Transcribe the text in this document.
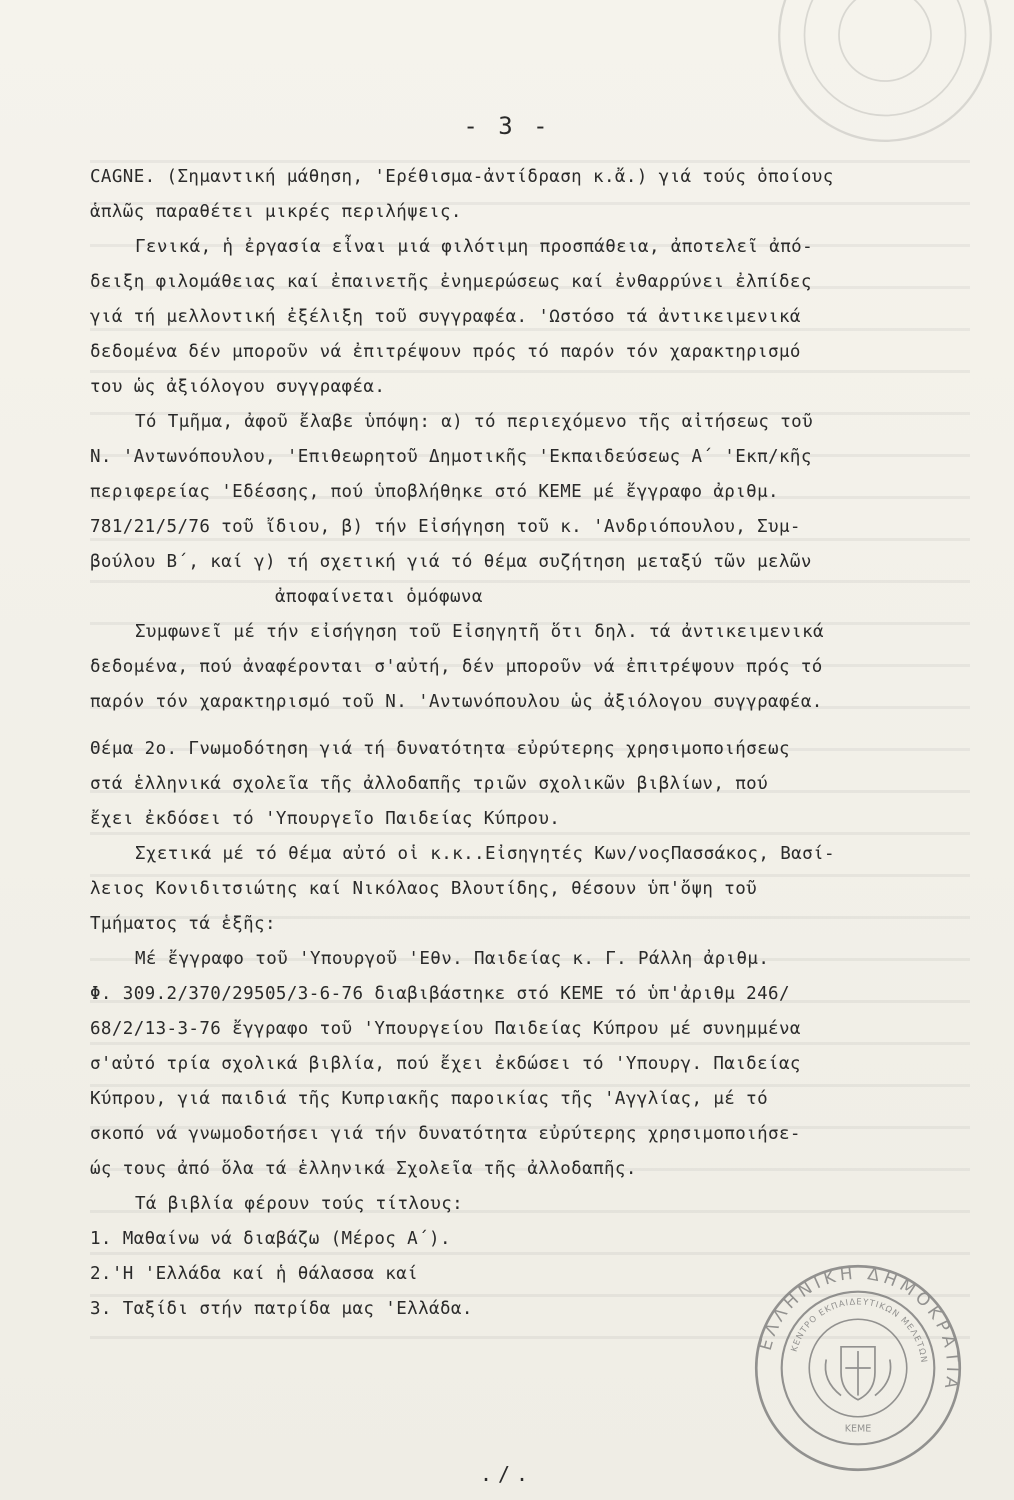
- 3 -
CAGNE. (Σημαντική μάθηση, 'Ερέθισμα-ἀντίδραση κ.ἄ.) γιά τούς ὁποίους
ἁπλῶς παραθέτει μικρές περιλήψεις.
Γενικά, ἡ ἐργασία εἶναι μιά φιλότιμη προσπάθεια, ἀποτελεῖ ἀπό-
δειξη φιλομάθειας καί ἐπαινετῆς ἐνημερώσεως καί ἐνθαρρύνει ἐλπίδες
γιά τή μελλοντική ἐξέλιξη τοῦ συγγραφέα. 'Ωστόσο τά ἀντικειμενικά
δεδομένα δέν μποροῦν νά ἐπιτρέψουν πρός τό παρόν τόν χαρακτηρισμό
του ὡς ἀξιόλογου συγγραφέα.
Τό Τμῆμα, ἀφοῦ ἔλαβε ὑπόψη: α) τό περιεχόμενο τῆς αἰτήσεως τοῦ
Ν. 'Αντωνόπουλου, 'Επιθεωρητοῦ Δημοτικῆς 'Εκπαιδεύσεως Α΄ 'Εκπ/κῆς
περιφερείας 'Εδέσσης, πού ὑποβλήθηκε στό ΚΕΜΕ μέ ἔγγραφο ἀριθμ.
781/21/5/76 τοῦ ἴδιου, β) τήν Εἰσήγηση τοῦ κ. 'Ανδριόπουλου, Συμ-
βούλου Β΄, καί γ) τή σχετική γιά τό θέμα συζήτηση μεταξύ τῶν μελῶν
ἀποφαίνεται ὁμόφωνα
Συμφωνεῖ μέ τήν εἰσήγηση τοῦ Εἰσηγητῆ ὅτι δηλ. τά ἀντικειμενικά
δεδομένα, πού ἀναφέρονται σ'αὐτή, δέν μποροῦν νά ἐπιτρέψουν πρός τό
παρόν τόν χαρακτηρισμό τοῦ Ν. 'Αντωνόπουλου ὡς ἀξιόλογου συγγραφέα.
Θέμα 2ο. Γνωμοδότηση γιά τή δυνατότητα εὐρύτερης χρησιμοποιήσεως
στά ἑλληνικά σχολεῖα τῆς ἀλλοδαπῆς τριῶν σχολικῶν βιβλίων, πού
ἔχει ἐκδόσει τό 'Υπουργεῖο Παιδείας Κύπρου.
Σχετικά μέ τό θέμα αὐτό οἱ κ.κ..Εἰσηγητές Κων/νοςΠασσάκος, Βασί-
λειος Κονιδιτσιώτης καί Νικόλαος Βλουτίδης, θέσουν ὑπ'ὄψη τοῦ
Τμήματος τά ἑξῆς:
Μέ ἔγγραφο τοῦ 'Υπουργοῦ 'Εθν. Παιδείας κ. Γ. Ράλλη ἀριθμ.
Φ. 309.2/370/29505/3-6-76 διαβιβάστηκε στό ΚΕΜΕ τό ὑπ'ἀριθμ 246/
68/2/13-3-76 ἔγγραφο τοῦ 'Υπουργείου Παιδείας Κύπρου μέ συνημμένα
σ'αὐτό τρία σχολικά βιβλία, πού ἔχει ἐκδώσει τό 'Υπουργ. Παιδείας
Κύπρου, γιά παιδιά τῆς Κυπριακῆς παροικίας τῆς 'Αγγλίας, μέ τό
σκοπό νά γνωμοδοτήσει γιά τήν δυνατότητα εὐρύτερης χρησιμοποιήσε-
ώς τους ἀπό ὅλα τά ἑλληνικά Σχολεῖα τῆς ἀλλοδαπῆς.
Τά βιβλία φέρουν τούς τίτλους:
1. Μαθαίνω νά διαβάζω (Μέρος Α΄).
2.'Η 'Ελλάδα καί ἡ θάλασσα καί
3. Ταξίδι στήν πατρίδα μας 'Ελλάδα.
./.
ΕΛΛΗΝΙΚΗ ΔΗΜΟΚΡΑΤΙΑ
ΚΕΝΤΡΟ ΕΚΠΑΙΔΕΥΤΙΚΩΝ ΜΕΛΕΤΩΝ
ΚΕΜΕ
